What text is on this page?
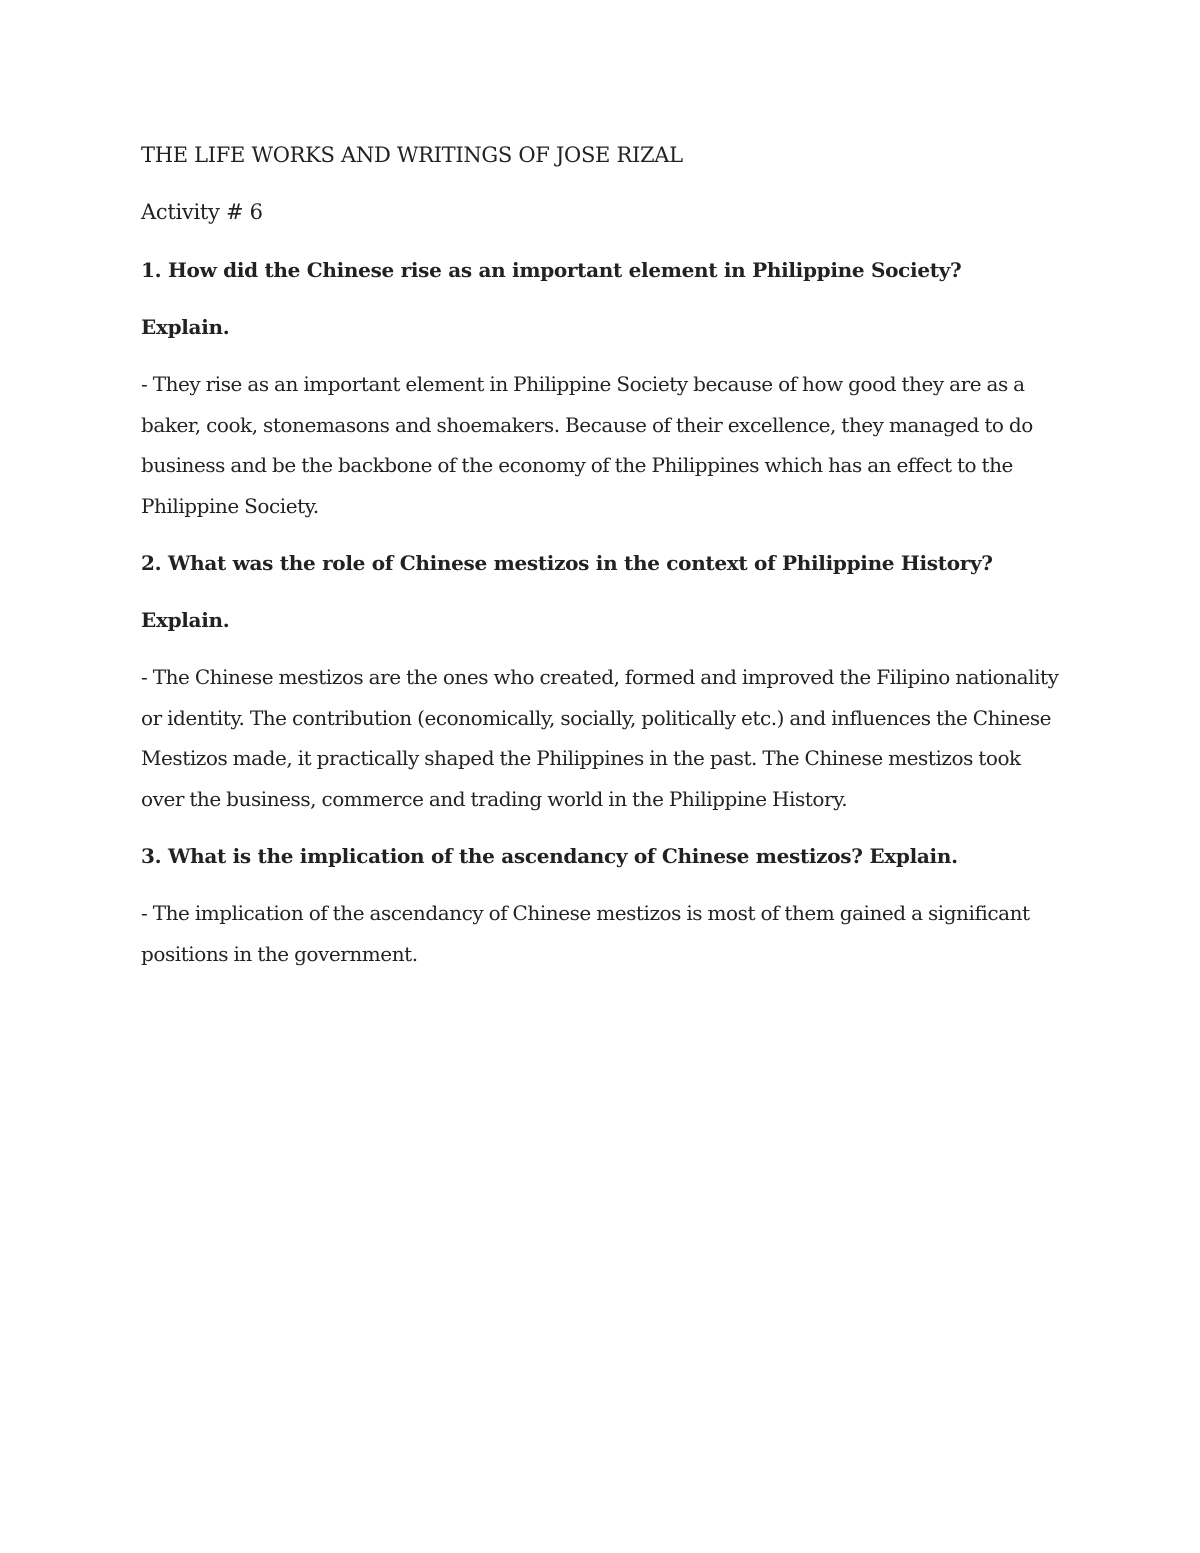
THE LIFE WORKS AND WRITINGS OF JOSE RIZAL
Activity # 6
1. How did the Chinese rise as an important element in Philippine Society?
Explain.
- They rise as an important element in Philippine Society because of how good they are as a baker, cook, stonemasons and shoemakers. Because of their excellence, they managed to do business and be the backbone of the economy of the Philippines which has an effect to the Philippine Society.
2. What was the role of Chinese mestizos in the context of Philippine History?
Explain.
- The Chinese mestizos are the ones who created, formed and improved the Filipino nationality or identity. The contribution (economically, socially, politically etc.) and influences the Chinese Mestizos made, it practically shaped the Philippines in the past. The Chinese mestizos took over the business, commerce and trading world in the Philippine History.
3. What is the implication of the ascendancy of Chinese mestizos? Explain.
- The implication of the ascendancy of Chinese mestizos is most of them gained a significant positions in the government.
